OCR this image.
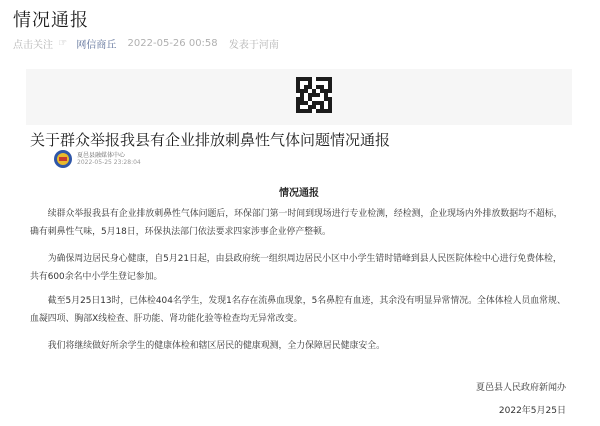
情况通报
点击关注 ☞ 网信商丘 2022-05-26 00:58 发表于河南
关于群众举报我县有企业排放刺鼻性气体问题情况通报
夏邑县融媒体中心
2022-05-25 23:28:04
情况通报

续群众举报我县有企业排放刺鼻性气体问题后，环保部门第一时间到现场进行专业检测，经检测，企业现场内外排放数据均不超标，确有刺鼻性气味，5月18日，环保执法部门依法要求四家涉事企业停产整顿。

为确保周边居民身心健康，自5月21日起，由县政府统一组织周边居民小区中小学生错时错峰到县人民医院体检中心进行免费体检，共有600余名中小学生登记参加。

截至5月25日13时，已体检404名学生，发现1名存在流鼻血现象，5名鼻腔有血迹，其余没有明显异常情况。全体体检人员血常规、血凝四项、胸部X线检查、肝功能、肾功能化验等检查均无异常改变。

我们将继续做好所余学生的健康体检和辖区居民的健康观测，全力保障居民健康安全。

夏邑县人民政府新闻办
2022年5月25日
